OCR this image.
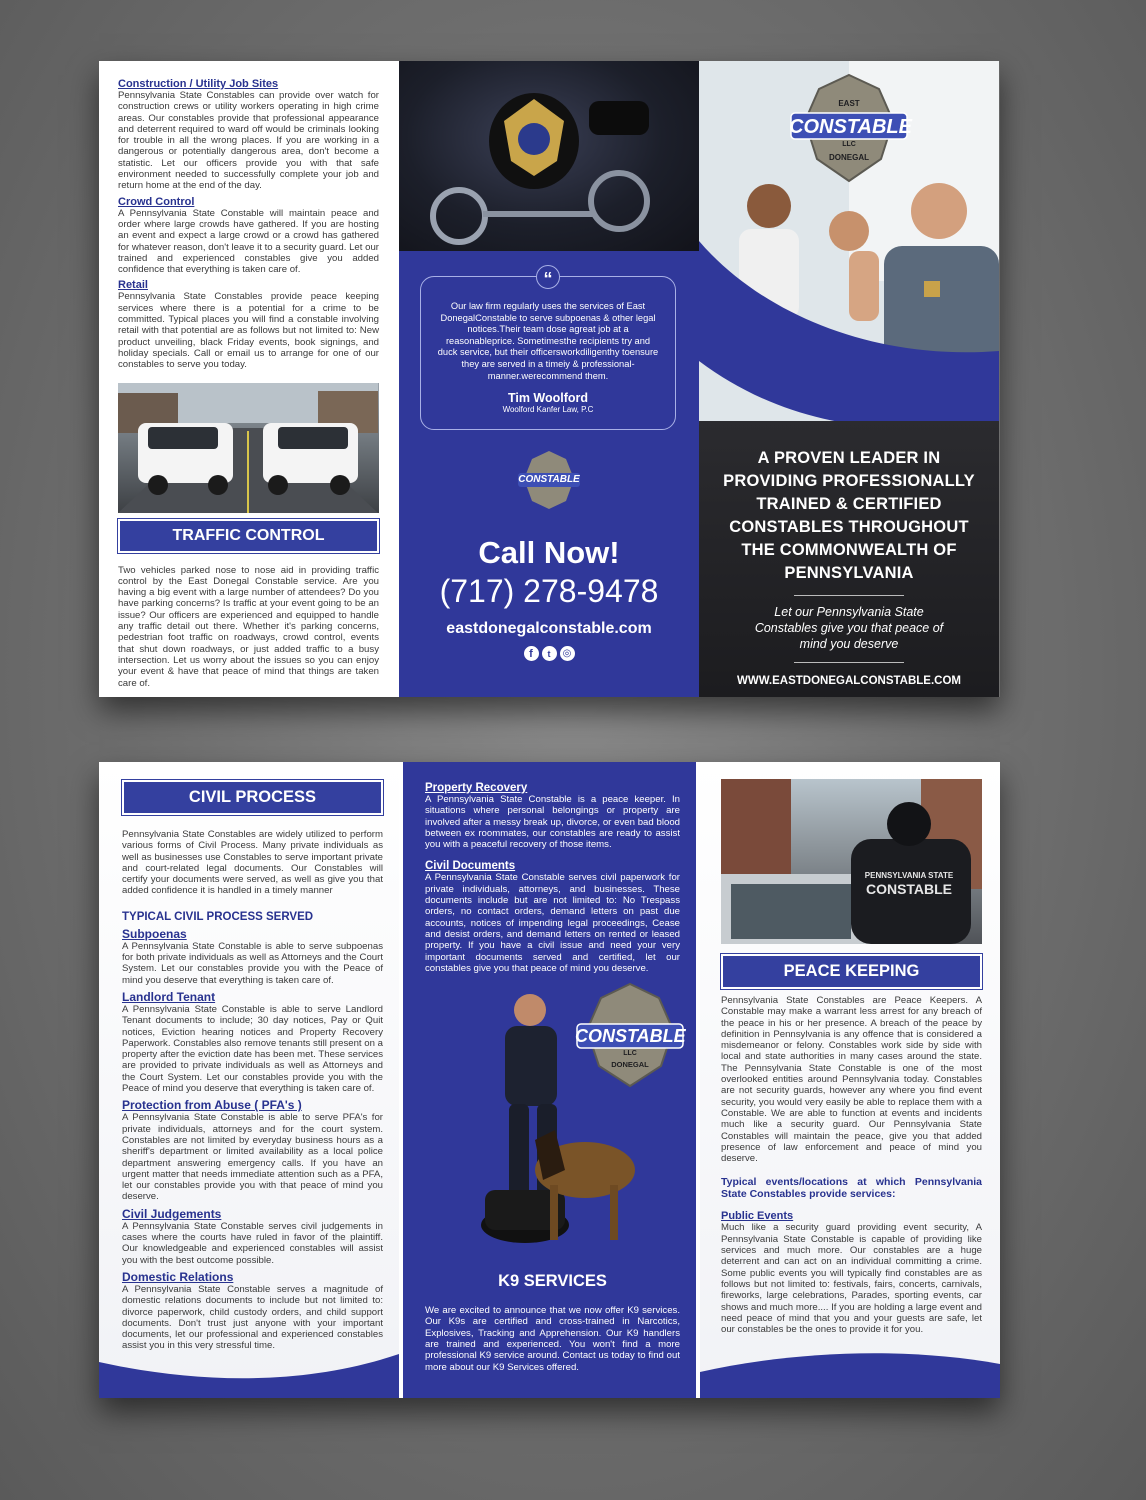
Construction / Utility Job Sites

Pennsylvania State Constables can provide over watch for construction crews or utility workers operating in high crime areas. Our constables provide that professional appearance and deterrent required to ward off would be criminals looking for trouble in all the wrong places. If you are working in a dangerous or potentially dangerous area, don't become a statistic. Let our officers provide you with that safe environment needed to successfully complete your job and return home at the end of the day.

Crowd Control

A Pennsylvania State Constable will maintain peace and order where large crowds have gathered. If you are hosting an event and expect a large crowd or a crowd has gathered for whatever reason, don't leave it to a security guard. Let our trained and experienced constables give you added confidence that everything is taken care of.

Retail

Pennsylvania State Constables provide peace keeping services where there is a potential for a crime to be committed. Typical places you will find a constable involving retail with that potential are as follows but not limited to: New product unveiling, black Friday events, book signings, and holiday specials. Call or email us to arrange for one of our constables to serve you today.

TRAFFIC CONTROL

Two vehicles parked nose to nose aid in providing traffic control by the East Donegal Constable service. Are you having a big event with a large number of attendees? Do you have parking concerns? Is traffic at your event going to be an issue? Our officers are experienced and equipped to handle any traffic detail out there. Whether it's parking concerns, pedestrian foot traffic on roadways, crowd control, events that shut down roadways, or just added traffic to a busy intersection. Let us worry about the issues so you can enjoy your event & have that peace of mind that things are taken care of.

“

Our law firm regularly uses the services of East DonegalConstable to serve subpoenas & other legal notices.Their team dose agreat job at a reasonableprice. Sometimesthe recipients try and duck service, but their officersworkdiligenthy toensure they are served in a timeiy & professional-manner.werecommend them.

Tim Woolford

Woolford Kanfer Law, P.C

CONSTABLE
Call Now!
(717) 278-9478
eastdonegalconstable.com
f	t	◎
EAST
CONSTABLE
LLC
DONEGAL

A PROVEN LEADER IN PROVIDING PROFESSIONALLY TRAINED & CERTIFIED CONSTABLES THROUGHOUT THE COMMONWEALTH OF PENNSYLVANIA

Let our Pennsylvania State Constables give you that peace of mind you deserve

WWW.EASTDONEGALCONSTABLE.COM

CIVIL PROCESS

Pennsylvania State Constables are widely utilized to perform various forms of Civil Process. Many private individuals as well as businesses use Constables to serve important private and court-related legal documents. Our Constables will certify your documents were served, as well as give you that added confidence it is handled in a timely manner

TYPICAL CIVIL PROCESS SERVED

Subpoenas

A Pennsylvania State Constable is able to serve subpoenas for both private individuals as well as Attorneys and the Court System. Let our constables provide you with the Peace of mind you deserve that everything is taken care of.

Landlord Tenant

A Pennsylvania State Constable is able to serve Landlord Tenant documents to include; 30 day notices, Pay or Quit notices, Eviction hearing notices and Property Recovery Paperwork. Constables also remove tenants still present on a property after the eviction date has been met. These services are provided to private individuals as well as Attorneys and the Court System. Let our constables provide you with the Peace of mind you deserve that everything is taken care of.

Protection from Abuse ( PFA's )

A Pennsylvania State Constable is able to serve PFA's for private individuals, attorneys and for the court system. Constables are not limited by everyday business hours as a sheriff's department or limited availability as a local police department answering emergency calls. If you have an urgent matter that needs immediate attention such as a PFA, let our constables provide you with that peace of mind you deserve.

Civil Judgements

A Pennsylvania State Constable serves civil judgements in cases where the courts have ruled in favor of the plaintiff. Our knowledgeable and experienced constables will assist you with the best outcome possible.

Domestic Relations

A Pennsylvania State Constable serves a magnitude of domestic relations documents to include but not limited to: divorce paperwork, child custody orders, and child support documents. Don't trust just anyone with your important documents, let our professional and experienced constables assist you in this very stressful time.

Property Recovery

A Pennsylvania State Constable is a peace keeper. In situations where personal belongings or property are involved after a messy break up, divorce, or even bad blood between ex roommates, our constables are ready to assist you with a peaceful recovery of those items.

Civil Documents

A Pennsylvania State Constable serves civil paperwork for private individuals, attorneys, and businesses. These documents include but are not limited to: No Trespass orders, no contact orders, demand letters on past due accounts, notices of impending legal proceedings, Cease and desist orders, and demand letters on rented or leased property. If you have a civil issue and need your very important documents served and certified, let our constables give you that peace of mind you deserve.

CONSTABLE
LLC
DONEGAL

K9 SERVICES

We are excited to announce that we now offer K9 services. Our K9s are certified and cross-trained in Narcotics, Explosives, Tracking and Apprehension. Our K9 handlers are trained and experienced. You won't find a more professional K9 service around. Contact us today to find out more about our K9 Services offered.

PENNSYLVANIA STATE
CONSTABLE
PEACE KEEPING

Pennsylvania State Constables are Peace Keepers. A Constable may make a warrant less arrest for any breach of the peace in his or her presence. A breach of the peace by definition in Pennsylvania is any offence that is considered a misdemeanor or felony. Constables work side by side with local and state authorities in many cases around the state. The Pennsylvania State Constable is one of the most overlooked entities around Pennsylvania today. Constables are not security guards, however any where you find event security, you would very easily be able to replace them with a Constable. We are able to function at events and incidents much like a security guard. Our Pennsylvania State Constables will maintain the peace, give you that added presence of law enforcement and peace of mind you deserve.

Typical events/locations at which Pennsylvania State Constables provide services:

Public Events

Much like a security guard providing event security, A Pennsylvania State Constable is capable of providing like services and much more. Our constables are a huge deterrent and can act on an individual committing a crime. Some public events you will typically find constables are as follows but not limited to: festivals, fairs, concerts, carnivals, fireworks, large celebrations, Parades, sporting events, car shows and much more.... If you are holding a large event and need peace of mind that you and your guests are safe, let our constables be the ones to provide it for you.
